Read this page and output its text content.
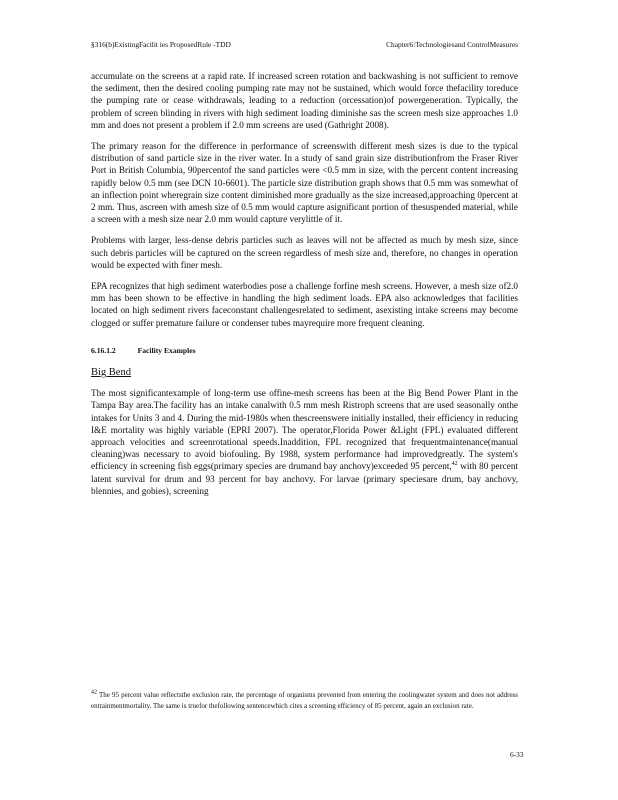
§316(b)ExistingFacilit ies ProposedRule -TDD	Chapter6:Technologiesand ControlMeasures

accumulate on the screens at a rapid rate. If increased screen rotation and backwashing is not sufficient to remove the sediment, then the desired cooling pumping rate may not be sustained, which would force thefacility toreduce the pumping rate or cease withdrawals, leading to a reduction (orcessation)of powergeneration. Typically, the problem of screen blinding in rivers with high sediment loading diminishe sas the screen mesh size approaches 1.0 mm and does not present a problem if 2.0 mm screens are used (Gathright 2008).

The primary reason for the difference in performance of screenswith different mesh sizes is due to the typical distribution of sand particle size in the river water. In a study of sand grain size distributionfrom the Fraser River Port in British Columbia, 90percentof the sand particles were <0.5 mm in size, with the percent content increasing rapidly below 0.5 mm (see DCN 10-6601). The particle size distribution graph shows that 0.5 mm was somewhat of an inflection point wheregrain size content diminished more gradually as the size increased,approaching 0percent at 2 mm. Thus, ascreen with amesh size of 0.5 mm would capture asignificant portion of thesuspended material, while a screen with a mesh size near 2.0 mm would capture verylittle of it.

Problems with larger, less-dense debris particles such as leaves will not be affected as much by mesh size, since such debris particles will be captured on the screen regardless of mesh size and, therefore, no changes in operation would be expected with finer mesh.

EPA recognizes that high sediment waterbodies pose a challenge forfine mesh screens. However, a mesh size of2.0 mm has been shown to be effective in handling the high sediment loads. EPA also acknowledges that facilities located on high sediment rivers faceconstant challengesrelated to sediment, asexisting intake screens may become clogged or suffer premature failure or condenser tubes mayrequire more frequent cleaning.

6.16.1.2	Facility Examples
Big Bend

The most significantexample of long-term use offine-mesh screens has been at the Big Bend Power Plant in the Tampa Bay area.The facility has an intake canalwith 0.5 mm mesh Ristroph screens that are used seasonally onthe intakes for Units 3 and 4. During the mid-1980s when thescreenswere initially installed, their efficiency in reducing I&E mortality was highly variable (EPRI 2007). The operator,Florida Power &Light (FPL) evaluated different approach velocities and screenrotational speeds.Inaddition, FPL recognized that frequentmaintenance(manual cleaning)was necessary to avoid biofouling. By 1988, system performance had improvedgreatly. The system's efficiency in screening fish eggs(primary species are drumand bay anchovy)exceeded 95 percent,$^{42}$ with 80 percent latent survival for drum and 93 percent for bay anchovy. For larvae (primary speciesare drum, bay anchovy, blennies, and gobies), screening

$^{42}$ The 95 percent value reflectsthe exclusion rate, the percentage of organisms prevented from entering the coolingwater system and does not address entrainmentmortality. The same is truefor thefollowing sentencewhich cites a screening efficiency of 85 percent, again an exclusion rate.
6-33
